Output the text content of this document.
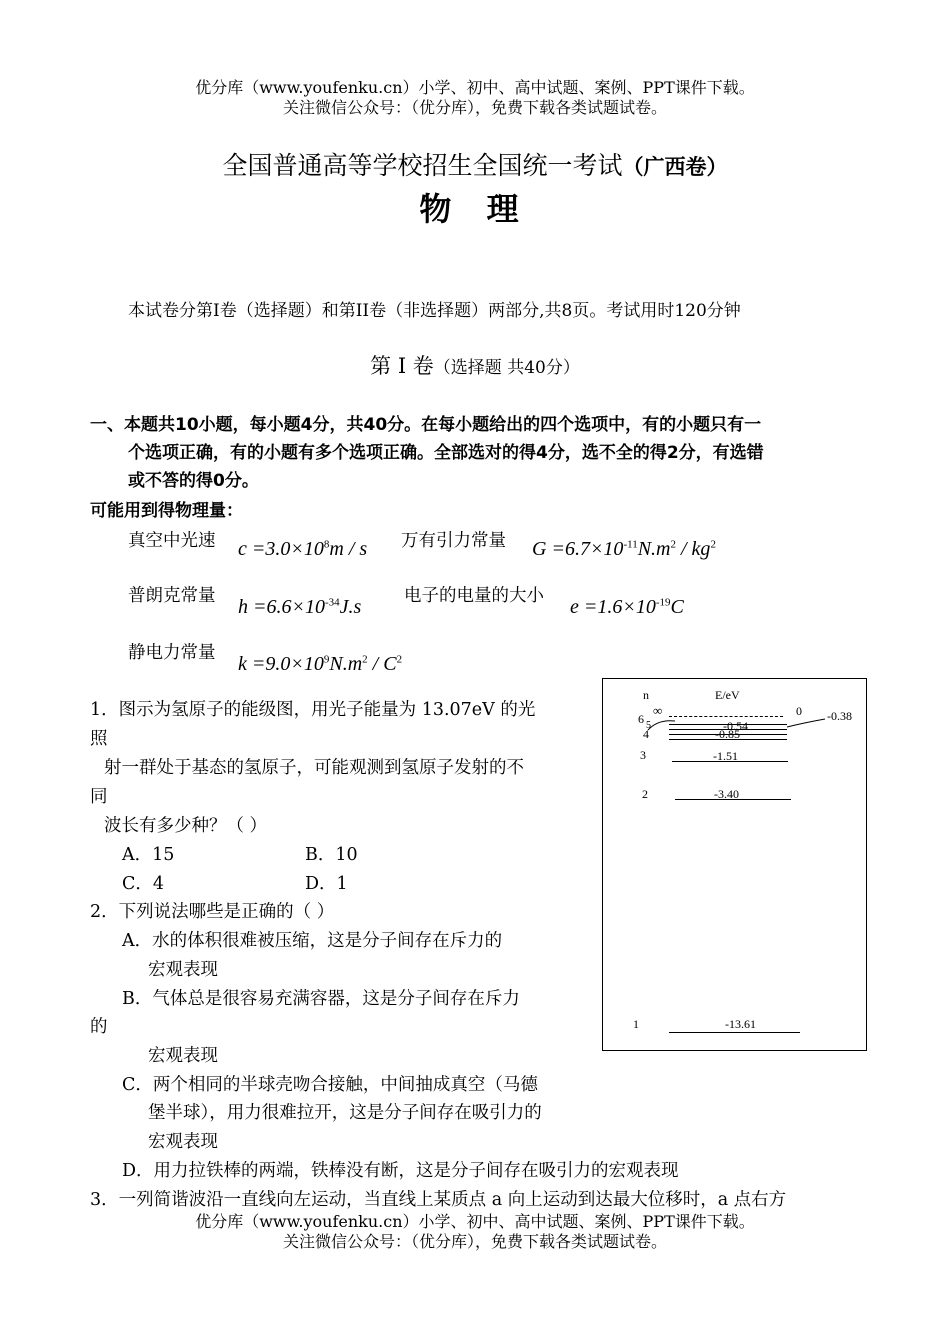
优分库（www.youfenku.cn）小学、初中、高中试题、案例、PPT课件下载。
关注微信公众号：（优分库），免费下载各类试题试卷。
全国普通高等学校招生全国统一考试（广西卷）
物 理
本试卷分第I卷（选择题）和第II卷（非选择题）两部分,共8页。考试用时120分钟
第 I 卷（选择题 共40分）
一、本题共10小题，每小题4分，共40分。在每小题给出的四个选项中，有的小题只有一
个选项正确，有的小题有多个选项正确。全部选对的得4分，选不全的得2分，有选错
或不答的得0分。
可能用到得物理量：
真空中光速 $c =3.0\times 10^8m / s$ 万有引力常量 $G =6.7\times 10^{-11}N.m^2 / kg^2$
普朗克常量 $h =6.6\times 10^{-34}J.s$ 电子的电量的大小 $e =1.6\times 10^{-19}C$
静电力常量 $k =9.0\times 10^9N.m^2 / C^2$
1．图示为氢原子的能级图，用光子能量为 13.07eV 的光
照
射一群处于基态的氢原子，可能观测到氢原子发射的不
同
波长有多少种？（ ）
A．15	B．10
C．4	D．1
2．下列说法哪些是正确的（ ）
A．水的体积很难被压缩，这是分子间存在斥力的
宏观表现
B．气体总是很容易充满容器，这是分子间存在斥力
的
宏观表现
C．两个相同的半球壳吻合接触，中间抽成真空（马德
堡半球），用力很难拉开，这是分子间存在吸引力的
宏观表现
D．用力拉铁棒的两端，铁棒没有断，这是分子间存在吸引力的宏观表现
3．一列简谐波沿一直线向左运动，当直线上某质点 a 向上运动到达最大位移时，a 点右方
n	E/eV
∞	0 -0.38
6 5
4
-0.54
-0.85
3	-1.51
2	-3.40
1	-13.61
优分库（www.youfenku.cn）小学、初中、高中试题、案例、PPT课件下载。
关注微信公众号：（优分库），免费下载各类试题试卷。
